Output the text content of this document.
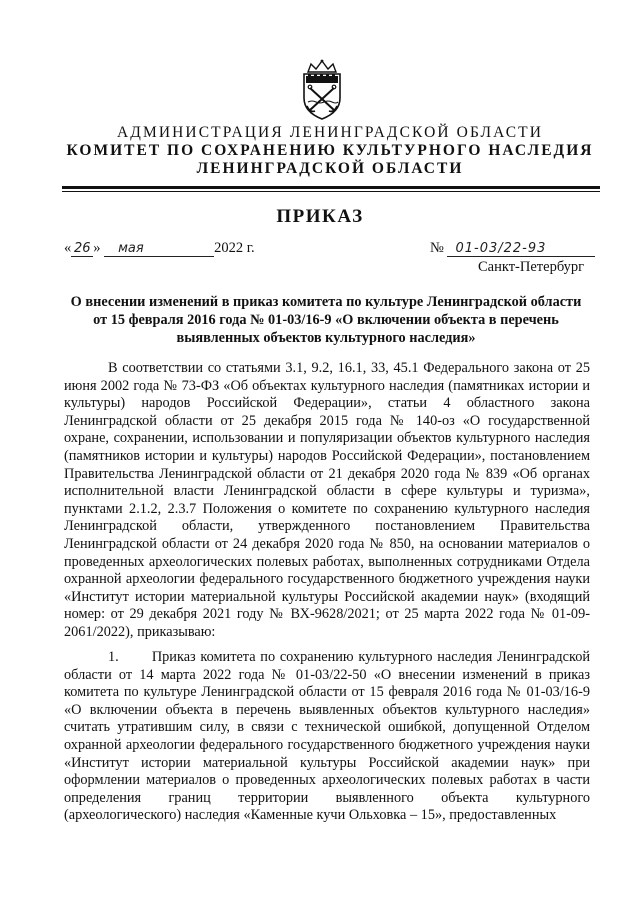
АДМИНИСТРАЦИЯ ЛЕНИНГРАДСКОЙ ОБЛАСТИ
КОМИТЕТ ПО СОХРАНЕНИЮ КУЛЬТУРНОГО НАСЛЕДИЯ
ЛЕНИНГРАДСКОЙ ОБЛАСТИ
ПРИКАЗ
« 26 » мая	2022 г.	№ 01-03/22-93
Санкт-Петербург
О внесении изменений в приказ комитета по культуре Ленинградской области от 15 февраля 2016 года № 01-03/16-9 «О включении объекта в перечень выявленных объектов культурного наследия»

В соответствии со статьями 3.1, 9.2, 16.1, 33, 45.1 Федерального закона от 25 июня 2002 года № 73-ФЗ «Об объектах культурного наследия (памятниках истории и культуры) народов Российской Федерации», статьи 4 областного закона Ленинградской области от 25 декабря 2015 года № 140-оз «О государственной охране, сохранении, использовании и популяризации объектов культурного наследия (памятников истории и культуры) народов Российской Федерации», постановлением Правительства Ленинградской области от 21 декабря 2020 года № 839 «Об органах исполнительной власти Ленинградской области в сфере культуры и туризма», пунктами 2.1.2, 2.3.7 Положения о комитете по сохранению культурного наследия Ленинградской области, утвержденного постановлением Правительства Ленинградской области от 24 декабря 2020 года № 850, на основании материалов о проведенных археологических полевых работах, выполненных сотрудниками Отдела охранной археологии федерального государственного бюджетного учреждения науки «Институт истории материальной культуры Российской академии наук» (входящий номер: от 29 декабря 2021 году № ВХ-9628/2021; от 25 марта 2022 года № 01-09-2061/2022), приказываю:

1.       Приказ комитета по сохранению культурного наследия Ленинградской области от 14 марта 2022 года № 01-03/22-50 «О внесении изменений в приказ комитета по культуре Ленинградской области от 15 февраля 2016 года № 01-03/16-9 «О включении объекта в перечень выявленных объектов культурного наследия» считать утратившим силу, в связи с технической ошибкой, допущенной Отделом охранной археологии федерального государственного бюджетного учреждения науки «Институт истории материальной культуры Российской академии наук» при оформлении материалов о проведенных археологических полевых работах в части определения границ территории выявленного объекта культурного (археологического) наследия «Каменные кучи Ольховка – 15», предоставленных
